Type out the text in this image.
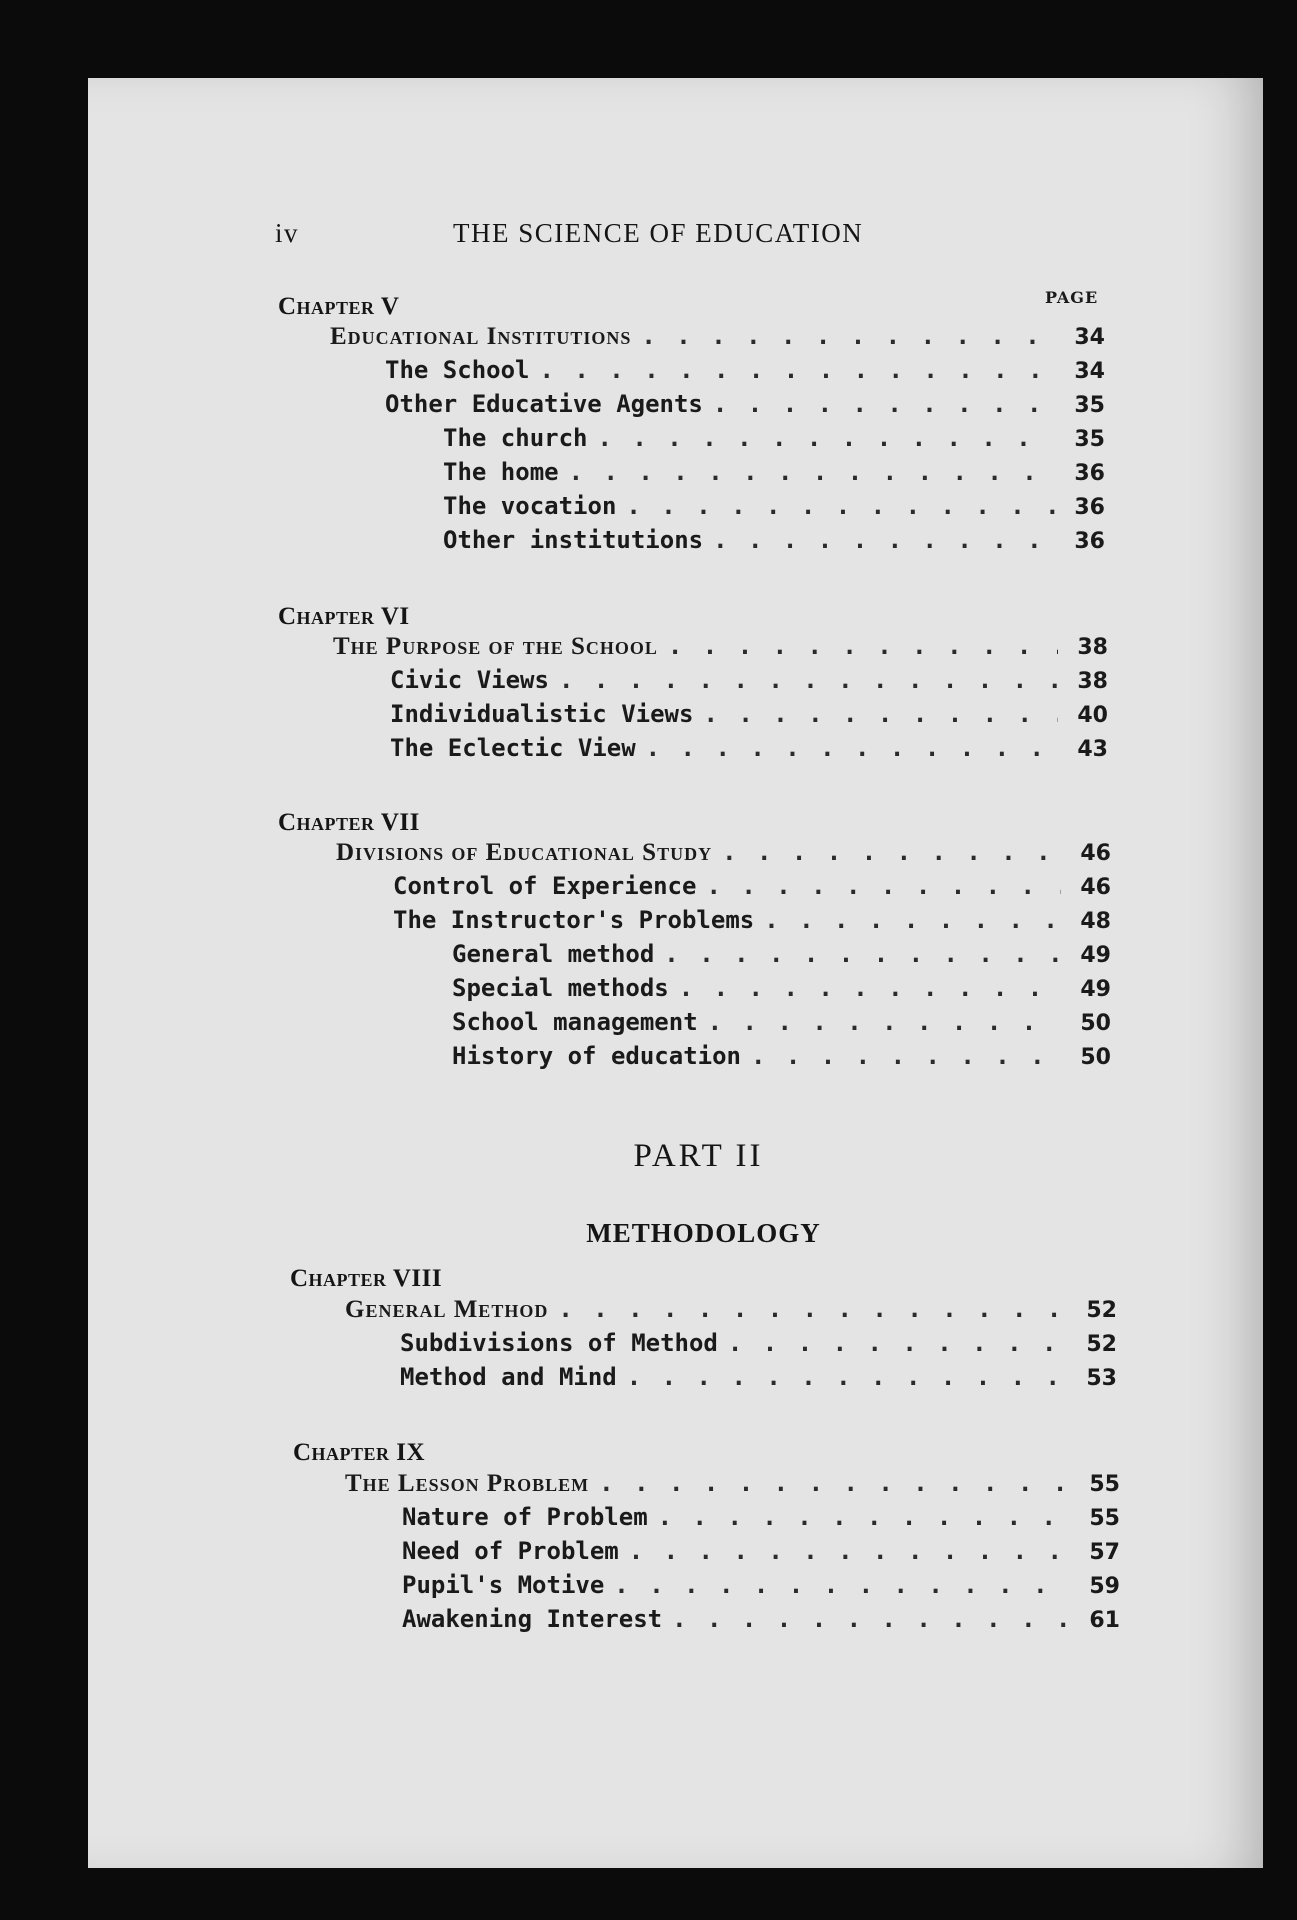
iv	THE SCIENCE OF EDUCATION
PAGE
Chapter V
Educational Institutions . . .	34
The School . . .	34
Other Educative Agents . . .	35
The church . . .	35
The home . . .	36
The vocation . . .	36
Other institutions . . .	36
Chapter VI
The Purpose of the School . . .	38
Civic Views . . .	38
Individualistic Views . . .	40
The Eclectic View . . .	43
Chapter VII
Divisions of Educational Study . . .	46
Control of Experience . . .	46
The Instructor's Problems . . .	48
General method . . .	49
Special methods . . .	49
School management . . .	50
History of education . . .	50
PART II
METHODOLOGY
Chapter VIII
General Method . . .	52
Subdivisions of Method . . .	52
Method and Mind . . .	53
Chapter IX
The Lesson Problem . . .	55
Nature of Problem . . .	55
Need of Problem . . .	57
Pupil's Motive . . .	59
Awakening Interest . . .	61
